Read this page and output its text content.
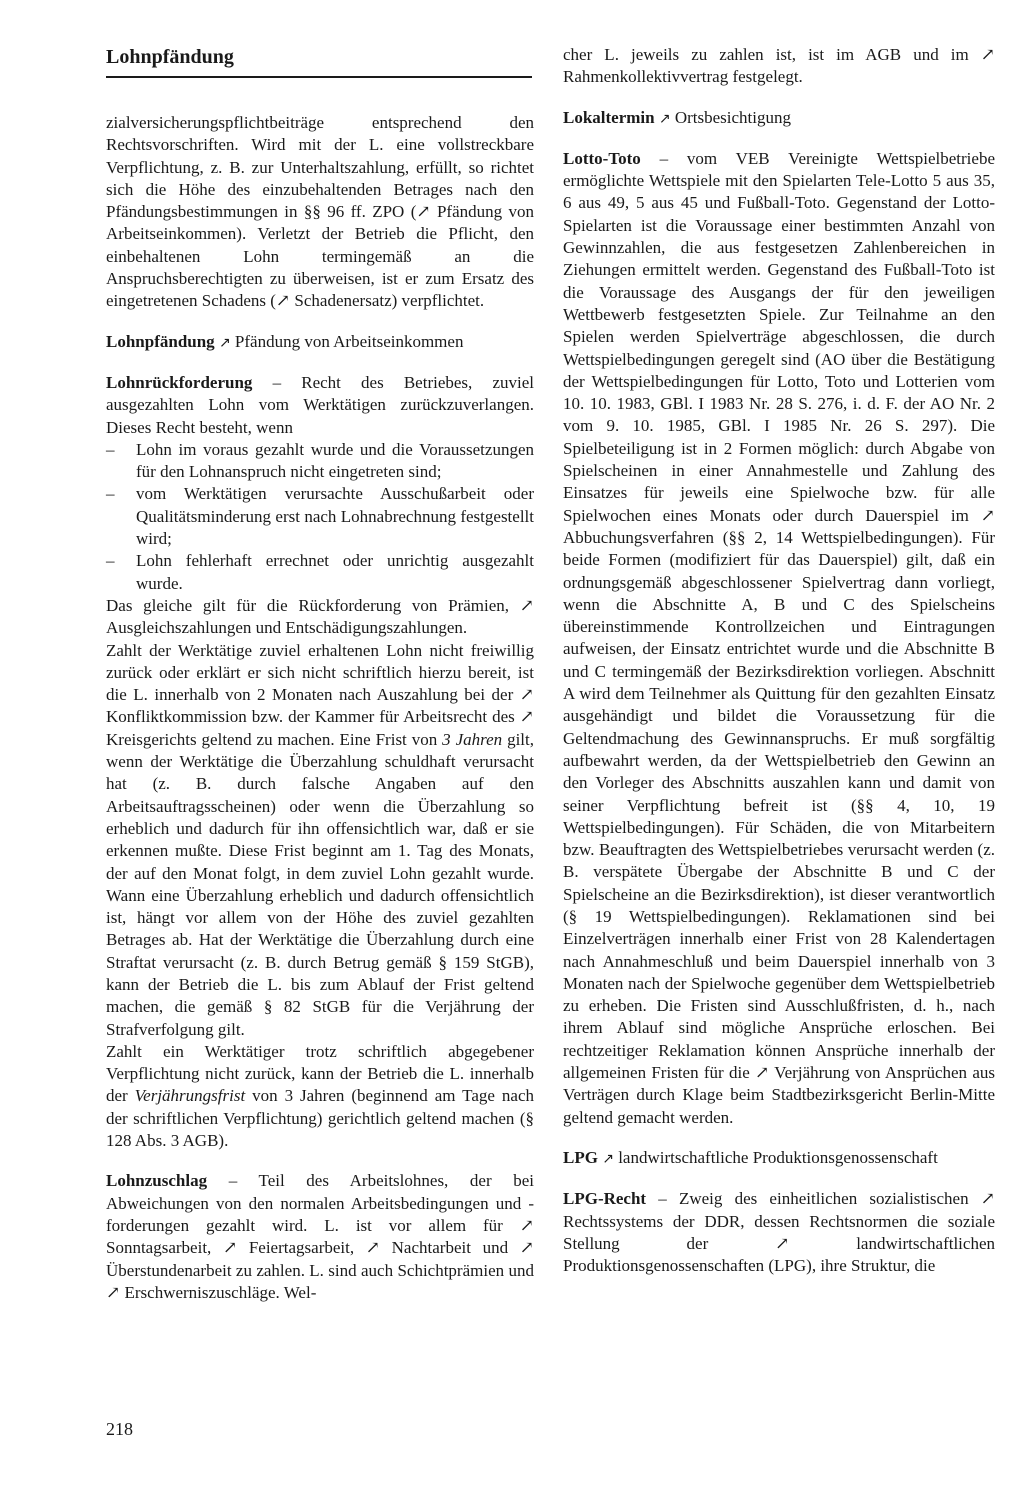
Lohnpfändung

zialversicherungspflichtbeiträge entsprechend den Rechtsvorschriften. Wird mit der L. eine vollstreckbare Verpflichtung, z. B. zur Unterhaltszahlung, erfüllt, so richtet sich die Höhe des einzubehaltenden Betrages nach den Pfändungsbestimmungen in §§ 96 ff. ZPO (↗ Pfändung von Arbeitseinkommen). Verletzt der Betrieb die Pflicht, den einbehaltenen Lohn termingemäß an die Anspruchsberechtigten zu überweisen, ist er zum Ersatz des eingetretenen Schadens (↗ Schadenersatz) verpflichtet.

Lohnpfändung ↗ Pfändung von Arbeitseinkommen

Lohnrückforderung – Recht des Betriebes, zuviel ausgezahlten Lohn vom Werktätigen zurückzuverlangen. Dieses Recht besteht, wenn

– Lohn im voraus gezahlt wurde und die Voraussetzungen für den Lohnanspruch nicht eingetreten sind;
– vom Werktätigen verursachte Ausschußarbeit oder Qualitätsminderung erst nach Lohnabrechnung festgestellt wird;
– Lohn fehlerhaft errechnet oder unrichtig ausgezahlt wurde.

Das gleiche gilt für die Rückforderung von Prämien, ↗ Ausgleichszahlungen und Entschädigungszahlungen.

Zahlt der Werktätige zuviel erhaltenen Lohn nicht freiwillig zurück oder erklärt er sich nicht schriftlich hierzu bereit, ist die L. innerhalb von 2 Monaten nach Auszahlung bei der ↗ Konfliktkommission bzw. der Kammer für Arbeitsrecht des ↗ Kreisgerichts geltend zu machen. Eine Frist von 3 Jahren gilt, wenn der Werktätige die Überzahlung schuldhaft verursacht hat (z. B. durch falsche Angaben auf den Arbeitsauftragsscheinen) oder wenn die Überzahlung so erheblich und dadurch für ihn offensichtlich war, daß er sie erkennen mußte. Diese Frist beginnt am 1. Tag des Monats, der auf den Monat folgt, in dem zuviel Lohn gezahlt wurde. Wann eine Überzahlung erheblich und dadurch offensichtlich ist, hängt vor allem von der Höhe des zuviel gezahlten Betrages ab. Hat der Werktätige die Überzahlung durch eine Straftat verursacht (z. B. durch Betrug gemäß § 159 StGB), kann der Betrieb die L. bis zum Ablauf der Frist geltend machen, die gemäß § 82 StGB für die Verjährung der Strafverfolgung gilt.

Zahlt ein Werktätiger trotz schriftlich abgegebener Verpflichtung nicht zurück, kann der Betrieb die L. innerhalb der Verjährungsfrist von 3 Jahren (beginnend am Tage nach der schriftlichen Verpflichtung) gerichtlich geltend machen (§ 128 Abs. 3 AGB).

Lohnzuschlag – Teil des Arbeitslohnes, der bei Abweichungen von den normalen Arbeitsbedingungen und -forderungen gezahlt wird. L. ist vor allem für ↗ Sonntagsarbeit, ↗ Feiertagsarbeit, ↗ Nachtarbeit und ↗ Überstundenarbeit zu zahlen. L. sind auch Schichtprämien und ↗ Erschwerniszuschläge. Wel-

cher L. jeweils zu zahlen ist, ist im AGB und im ↗ Rahmenkollektivvertrag festgelegt.

Lokaltermin ↗ Ortsbesichtigung

Lotto-Toto – vom VEB Vereinigte Wettspielbetriebe ermöglichte Wettspiele mit den Spielarten Tele-Lotto 5 aus 35, 6 aus 49, 5 aus 45 und Fußball-Toto. Gegenstand der Lotto-Spielarten ist die Voraussage einer bestimmten Anzahl von Gewinnzahlen, die aus festgesetzen Zahlenbereichen in Ziehungen ermittelt werden. Gegenstand des Fußball-Toto ist die Voraussage des Ausgangs der für den jeweiligen Wettbewerb festgesetzten Spiele. Zur Teilnahme an den Spielen werden Spielverträge abgeschlossen, die durch Wettspielbedingungen geregelt sind (AO über die Bestätigung der Wettspielbedingungen für Lotto, Toto und Lotterien vom 10. 10. 1983, GBl. I 1983 Nr. 28 S. 276, i. d. F. der AO Nr. 2 vom 9. 10. 1985, GBl. I 1985 Nr. 26 S. 297). Die Spielbeteiligung ist in 2 Formen möglich: durch Abgabe von Spielscheinen in einer Annahmestelle und Zahlung des Einsatzes für jeweils eine Spielwoche bzw. für alle Spielwochen eines Monats oder durch Dauerspiel im ↗ Abbuchungsverfahren (§§ 2, 14 Wettspielbedingungen). Für beide Formen (modifiziert für das Dauerspiel) gilt, daß ein ordnungsgemäß abgeschlossener Spielvertrag dann vorliegt, wenn die Abschnitte A, B und C des Spielscheins übereinstimmende Kontrollzeichen und Eintragungen aufweisen, der Einsatz entrichtet wurde und die Abschnitte B und C termingemäß der Bezirksdirektion vorliegen. Abschnitt A wird dem Teilnehmer als Quittung für den gezahlten Einsatz ausgehändigt und bildet die Voraussetzung für die Geltendmachung des Gewinnanspruchs. Er muß sorgfältig aufbewahrt werden, da der Wettspielbetrieb den Gewinn an den Vorleger des Abschnitts auszahlen kann und damit von seiner Verpflichtung befreit ist (§§ 4, 10, 19 Wettspielbedingungen). Für Schäden, die von Mitarbeitern bzw. Beauftragten des Wettspielbetriebes verursacht werden (z. B. verspätete Übergabe der Abschnitte B und C der Spielscheine an die Bezirksdirektion), ist dieser verantwortlich (§ 19 Wettspielbedingungen). Reklamationen sind bei Einzelverträgen innerhalb einer Frist von 28 Kalendertagen nach Annahmeschluß und beim Dauerspiel innerhalb von 3 Monaten nach der Spielwoche gegenüber dem Wettspielbetrieb zu erheben. Die Fristen sind Ausschlußfristen, d. h., nach ihrem Ablauf sind mögliche Ansprüche erloschen. Bei rechtzeitiger Reklamation können Ansprüche innerhalb der allgemeinen Fristen für die ↗ Verjährung von Ansprüchen aus Verträgen durch Klage beim Stadtbezirksgericht Berlin-Mitte geltend gemacht werden.

LPG ↗ landwirtschaftliche Produktionsgenossenschaft

LPG-Recht – Zweig des einheitlichen sozialistischen ↗ Rechtssystems der DDR, dessen Rechtsnormen die soziale Stellung der ↗ landwirtschaftlichen Produktionsgenossenschaften (LPG), ihre Struktur, die

218
